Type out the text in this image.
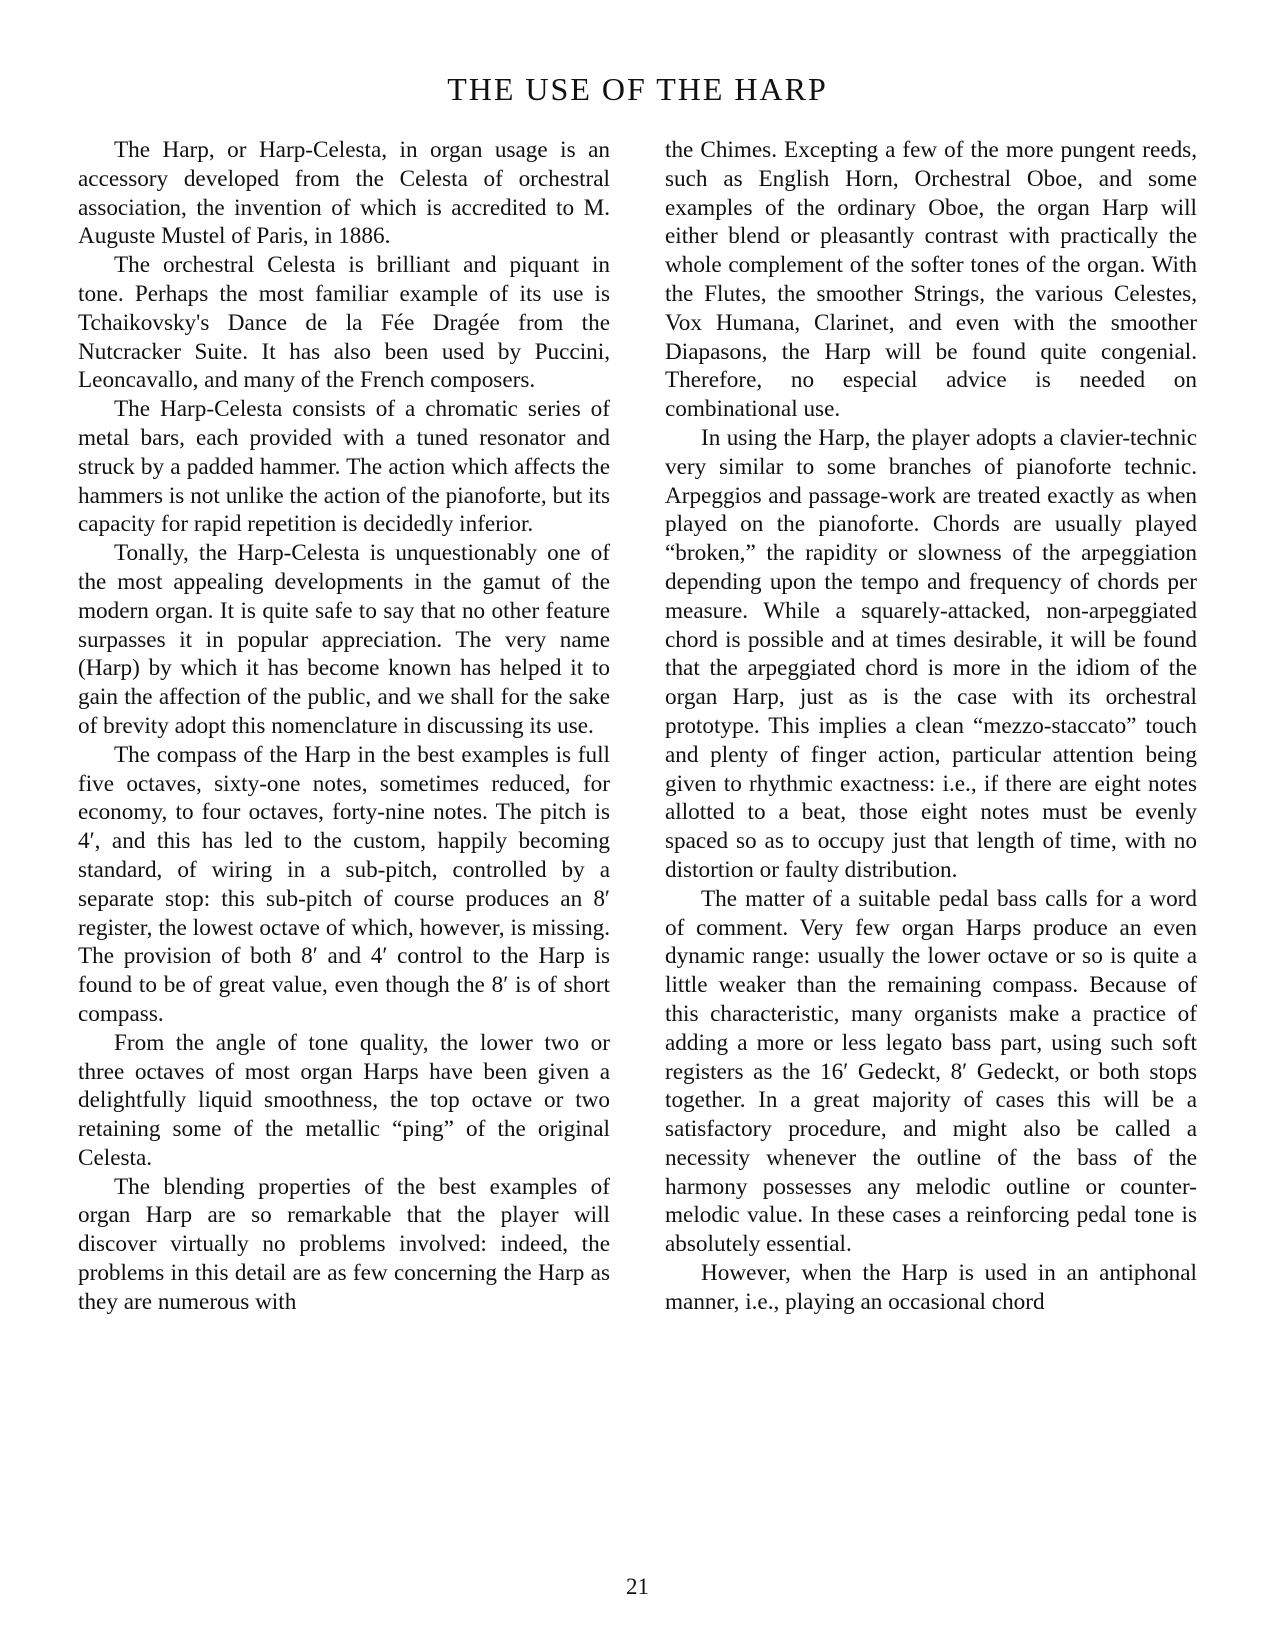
THE USE OF THE HARP

The Harp, or Harp-Celesta, in organ usage is an accessory developed from the Celesta of orchestral association, the invention of which is accredited to M. Auguste Mustel of Paris, in 1886.

The orchestral Celesta is brilliant and piquant in tone. Perhaps the most familiar example of its use is Tchaikovsky's Dance de la Fée Dragée from the Nutcracker Suite. It has also been used by Puccini, Leoncavallo, and many of the French composers.

The Harp-Celesta consists of a chromatic series of metal bars, each provided with a tuned resonator and struck by a padded hammer. The action which affects the hammers is not unlike the action of the pianoforte, but its capacity for rapid repetition is decidedly inferior.

Tonally, the Harp-Celesta is unquestionably one of the most appealing developments in the gamut of the modern organ. It is quite safe to say that no other feature surpasses it in popular appreciation. The very name (Harp) by which it has become known has helped it to gain the affection of the public, and we shall for the sake of brevity adopt this nomenclature in discussing its use.

The compass of the Harp in the best examples is full five octaves, sixty-one notes, sometimes reduced, for economy, to four octaves, forty-nine notes. The pitch is 4′, and this has led to the custom, happily becoming standard, of wiring in a sub-pitch, controlled by a separate stop: this sub-pitch of course produces an 8′ register, the lowest octave of which, however, is missing. The provision of both 8′ and 4′ control to the Harp is found to be of great value, even though the 8′ is of short compass.

From the angle of tone quality, the lower two or three octaves of most organ Harps have been given a delightfully liquid smoothness, the top octave or two retaining some of the metallic “ping” of the original Celesta.

The blending properties of the best examples of organ Harp are so remarkable that the player will discover virtually no problems involved: indeed, the problems in this detail are as few concerning the Harp as they are numerous with

the Chimes. Excepting a few of the more pungent reeds, such as English Horn, Orchestral Oboe, and some examples of the ordinary Oboe, the organ Harp will either blend or pleasantly contrast with practically the whole complement of the softer tones of the organ. With the Flutes, the smoother Strings, the various Celestes, Vox Humana, Clarinet, and even with the smoother Diapasons, the Harp will be found quite congenial. Therefore, no especial advice is needed on combinational use.

In using the Harp, the player adopts a clavier-technic very similar to some branches of pianoforte technic. Arpeggios and passage-work are treated exactly as when played on the pianoforte. Chords are usually played “broken,” the rapidity or slowness of the arpeggiation depending upon the tempo and frequency of chords per measure. While a squarely-attacked, non-arpeggiated chord is possible and at times desirable, it will be found that the arpeggiated chord is more in the idiom of the organ Harp, just as is the case with its orchestral prototype. This implies a clean “mezzo-staccato” touch and plenty of finger action, particular attention being given to rhythmic exactness: i.e., if there are eight notes allotted to a beat, those eight notes must be evenly spaced so as to occupy just that length of time, with no distortion or faulty distribution.

The matter of a suitable pedal bass calls for a word of comment. Very few organ Harps produce an even dynamic range: usually the lower octave or so is quite a little weaker than the remaining compass. Because of this characteristic, many organists make a practice of adding a more or less legato bass part, using such soft registers as the 16′ Gedeckt, 8′ Gedeckt, or both stops together. In a great majority of cases this will be a satisfactory procedure, and might also be called a necessity whenever the outline of the bass of the harmony possesses any melodic outline or counter-melodic value. In these cases a reinforcing pedal tone is absolutely essential.

However, when the Harp is used in an antiphonal manner, i.e., playing an occasional chord

21
